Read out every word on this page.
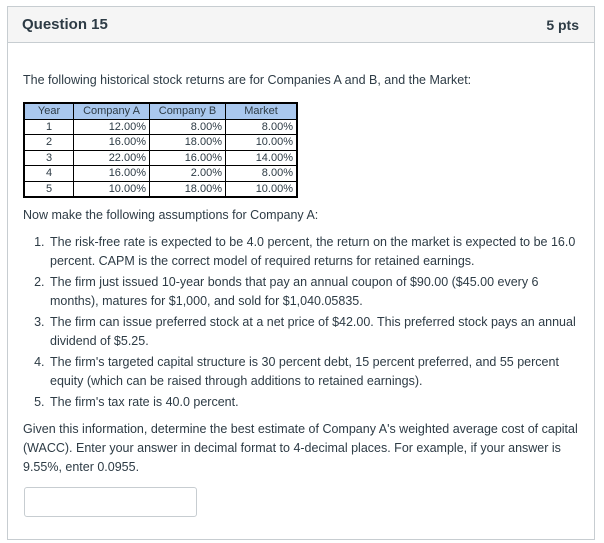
Question 15	5 pts

The following historical stock returns are for Companies A and B, and the Market:

Year	Company A	Company B	Market
1	12.00%	8.00%	8.00%
2	16.00%	18.00%	10.00%
3	22.00%	16.00%	14.00%
4	16.00%	2.00%	8.00%
5	10.00%	18.00%	10.00%

Now make the following assumptions for Company A:

1. The risk-free rate is expected to be 4.0 percent, the return on the market is expected to be 16.0 percent. CAPM is the correct model of required returns for retained earnings.
2. The firm just issued 10-year bonds that pay an annual coupon of $90.00 ($45.00 every 6 months), matures for $1,000, and sold for $1,040.05835.
3. The firm can issue preferred stock at a net price of $42.00. This preferred stock pays an annual dividend of $5.25.
4. The firm's targeted capital structure is 30 percent debt, 15 percent preferred, and 55 percent equity (which can be raised through additions to retained earnings).
5. The firm's tax rate is 40.0 percent.

Given this information, determine the best estimate of Company A's weighted average cost of capital (WACC). Enter your answer in decimal format to 4-decimal places. For example, if your answer is 9.55%, enter 0.0955.
